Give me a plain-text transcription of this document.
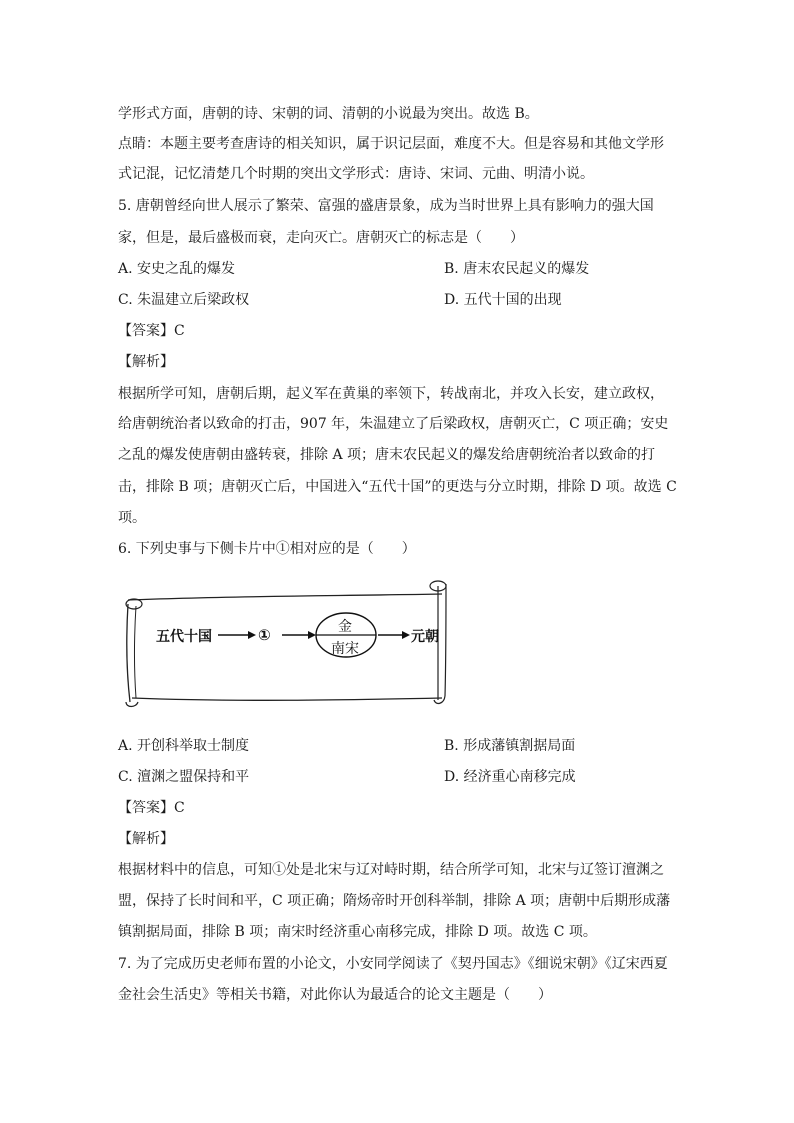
学形式方面，唐朝的诗、宋朝的词、清朝的小说最为突出。故选 B。
点睛：本题主要考查唐诗的相关知识，属于识记层面，难度不大。但是容易和其他文学形
式记混，记忆清楚几个时期的突出文学形式：唐诗、宋词、元曲、明清小说。
5. 唐朝曾经向世人展示了繁荣、富强的盛唐景象，成为当时世界上具有影响力的强大国
家，但是，最后盛极而衰，走向灭亡。唐朝灭亡的标志是（　　）
A. 安史之乱的爆发	B. 唐末农民起义的爆发
C. 朱温建立后梁政权	D. 五代十国的出现
【答案】C
【解析】
根据所学可知，唐朝后期，起义军在黄巢的率领下，转战南北，并攻入长安，建立政权，
给唐朝统治者以致命的打击，907 年，朱温建立了后梁政权，唐朝灭亡，C 项正确；安史
之乱的爆发使唐朝由盛转衰，排除 A 项；唐末农民起义的爆发给唐朝统治者以致命的打
击，排除 B 项；唐朝灭亡后，中国进入“五代十国”的更迭与分立时期，排除 D 项。故选 C
项。
6. 下列史事与下侧卡片中①相对应的是（　　）
五代十国	①	金
南宋
元朝
A. 开创科举取士制度	B. 形成藩镇割据局面
C. 澶渊之盟保持和平	D. 经济重心南移完成
【答案】C
【解析】
根据材料中的信息，可知①处是北宋与辽对峙时期，结合所学可知，北宋与辽签订澶渊之
盟，保持了长时间和平，C 项正确；隋炀帝时开创科举制，排除 A 项；唐朝中后期形成藩
镇割据局面，排除 B 项；南宋时经济重心南移完成，排除 D 项。故选 C 项。
7. 为了完成历史老师布置的小论文，小安同学阅读了《契丹国志》《细说宋朝》《辽宋西夏
金社会生活史》等相关书籍，对此你认为最适合的论文主题是（　　）
